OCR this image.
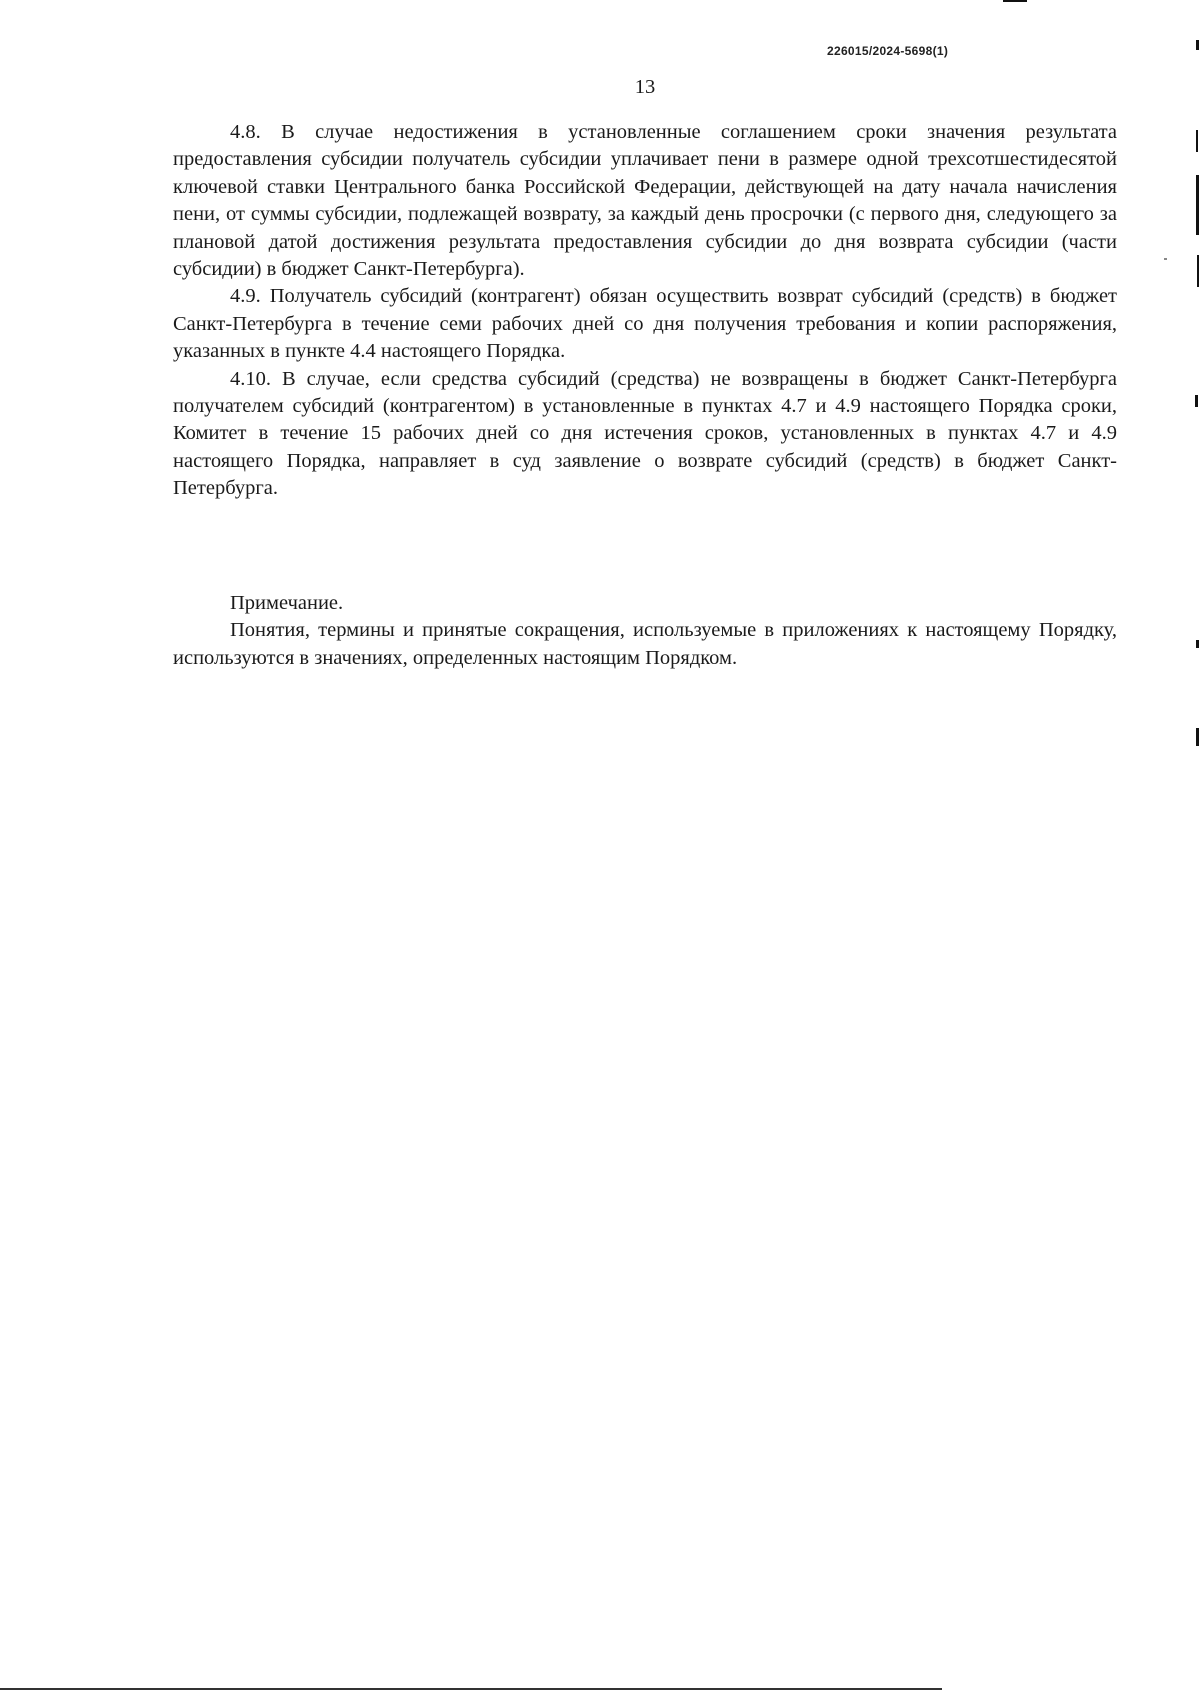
226015/2024-5698(1)
13

4.8. В случае недостижения в установленные соглашением сроки значения результата предоставления субсидии получатель субсидии уплачивает пени в размере одной трехсотшестидесятой ключевой ставки Центрального банка Российской Федерации, действующей на дату начала начисления пени, от суммы субсидии, подлежащей возврату, за каждый день просрочки (с первого дня, следующего за плановой датой достижения результата предоставления субсидии до дня возврата субсидии (части субсидии) в бюджет Санкт-Петербурга).

4.9. Получатель субсидий (контрагент) обязан осуществить возврат субсидий (средств) в бюджет Санкт-Петербурга в течение семи рабочих дней со дня получения требования и копии распоряжения, указанных в пункте 4.4 настоящего Порядка.

4.10. В случае, если средства субсидий (средства) не возвращены в бюджет Санкт-Петербурга получателем субсидий (контрагентом) в установленные в пунктах 4.7 и 4.9 настоящего Порядка сроки, Комитет в течение 15 рабочих дней со дня истечения сроков, установленных в пунктах 4.7 и 4.9 настоящего Порядка, направляет в суд заявление о возврате субсидий (средств) в бюджет Санкт-Петербурга.

Примечание.

Понятия, термины и принятые сокращения, используемые в приложениях к настоящему Порядку, используются в значениях, определенных настоящим Порядком.
